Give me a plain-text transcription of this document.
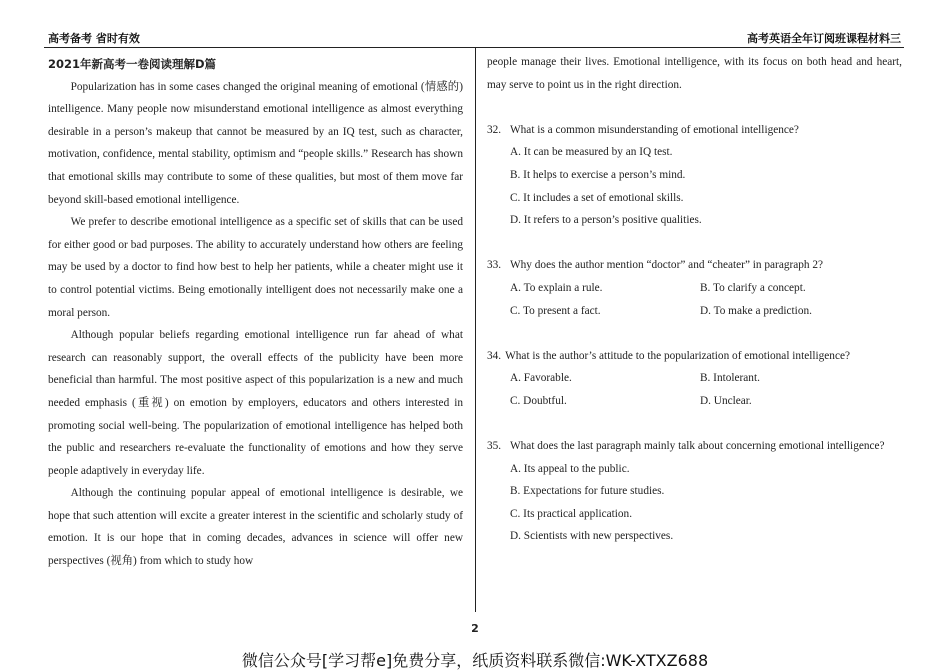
高考备考 省时有效	高考英语全年订阅班课程材料三
2021年新高考一卷阅读理解D篇

Popularization has in some cases changed the original meaning of emotional (情感的) intelligence. Many people now misunderstand emotional intelligence as almost everything desirable in a person’s makeup that cannot be measured by an IQ test, such as character, motivation, confidence, mental stability, optimism and “people skills.” Research has shown that emotional skills may contribute to some of these qualities, but most of them move far beyond skill-based emotional intelligence.

We prefer to describe emotional intelligence as a specific set of skills that can be used for either good or bad purposes. The ability to accurately understand how others are feeling may be used by a doctor to find how best to help her patients, while a cheater might use it to control potential victims. Being emotionally intelligent does not necessarily make one a moral person.

Although popular beliefs regarding emotional intelligence run far ahead of what research can reasonably support, the overall effects of the publicity have been more beneficial than harmful. The most positive aspect of this popularization is a new and much needed emphasis (重视) on emotion by employers, educators and others interested in promoting social well-being. The popularization of emotional intelligence has helped both the public and researchers re-evaluate the functionality of emotions and how they serve people adaptively in everyday life.

Although the continuing popular appeal of emotional intelligence is desirable, we hope that such attention will excite a greater interest in the scientific and scholarly study of emotion. It is our hope that in coming decades, advances in science will offer new perspectives (视角) from which to study how

people manage their lives. Emotional intelligence, with its focus on both head and heart, may serve to point us in the right direction.

32. What is a common misunderstanding of emotional intelligence?
A. It can be measured by an IQ test.
B. It helps to exercise a person’s mind.
C. It includes a set of emotional skills.
D. It refers to a person’s positive qualities.
33. Why does the author mention “doctor” and “cheater” in paragraph 2?
A. To explain a rule.	B. To clarify a concept.
C. To present a fact.	D. To make a prediction.
34. What is the author’s attitude to the popularization of emotional intelligence?
A. Favorable.	B. Intolerant.
C. Doubtful.	D. Unclear.
35. What does the last paragraph mainly talk about concerning emotional intelligence?
A. Its appeal to the public.
B. Expectations for future studies.
C. Its practical application.
D. Scientists with new perspectives.
2
微信公众号[学习帮e]免费分享，纸质资料联系微信:WK-XTXZ688
